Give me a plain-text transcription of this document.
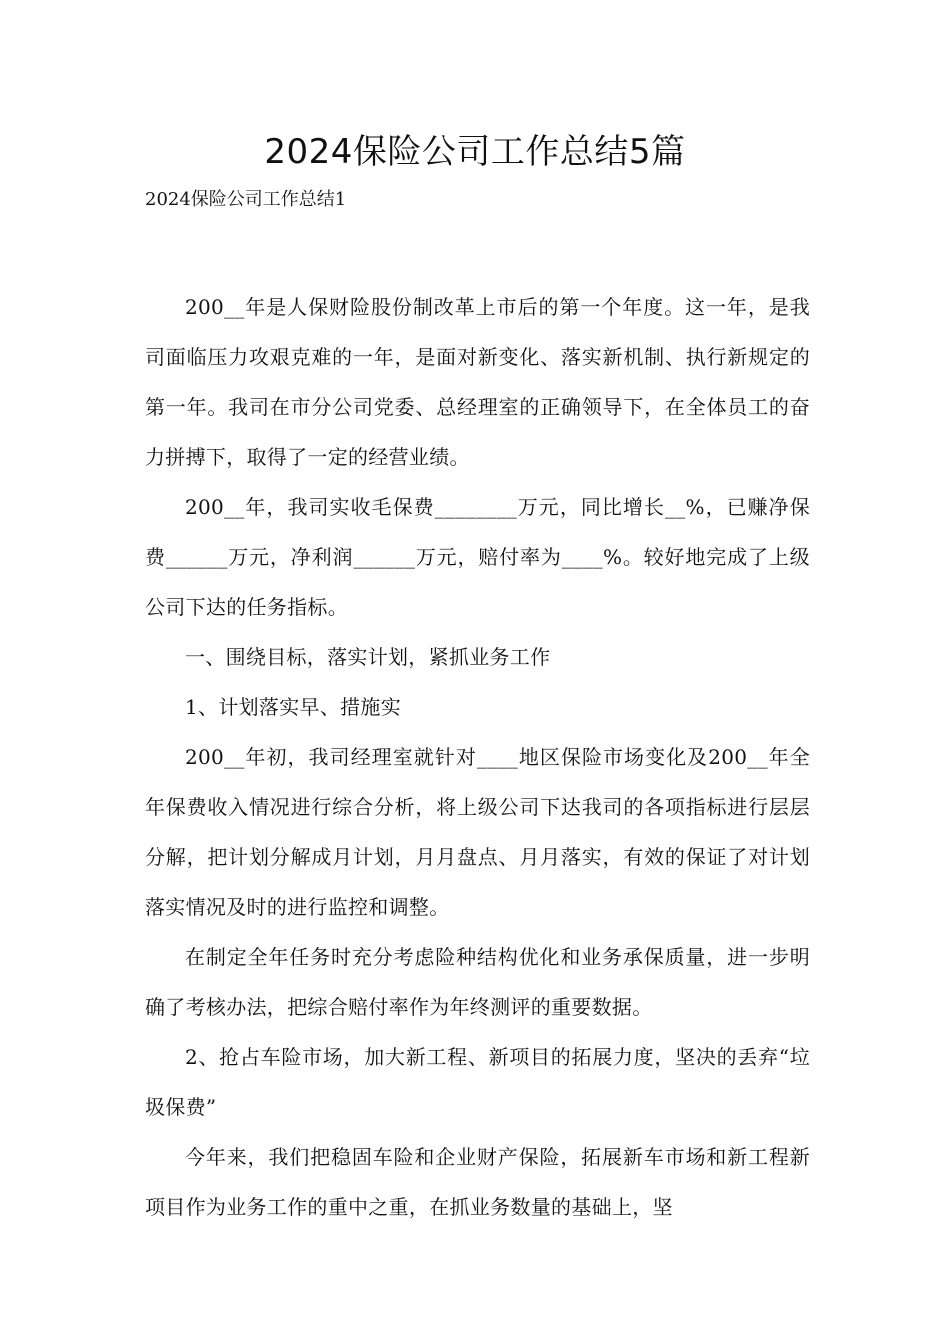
2024保险公司工作总结5篇

2024保险公司工作总结1

200__年是人保财险股份制改革上市后的第一个年度。这一年，是我司面临压力攻艰克难的一年，是面对新变化、落实新机制、执行新规定的第一年。我司在市分公司党委、总经理室的正确领导下，在全体员工的奋力拼搏下，取得了一定的经营业绩。

200__年，我司实收毛保费________万元，同比增长__%，已赚净保费______万元，净利润______万元，赔付率为____%。较好地完成了上级公司下达的任务指标。

一、围绕目标，落实计划，紧抓业务工作

1、计划落实早、措施实

200__年初，我司经理室就针对____地区保险市场变化及200__年全年保费收入情况进行综合分析，将上级公司下达我司的各项指标进行层层分解，把计划分解成月计划，月月盘点、月月落实，有效的保证了对计划落实情况及时的进行监控和调整。

在制定全年任务时充分考虑险种结构优化和业务承保质量，进一步明确了考核办法，把综合赔付率作为年终测评的重要数据。

2、抢占车险市场，加大新工程、新项目的拓展力度，坚决的丢弃“垃圾保费”

今年来，我们把稳固车险和企业财产保险，拓展新车市场和新工程新项目作为业务工作的重中之重，在抓业务数量的基础上，坚
